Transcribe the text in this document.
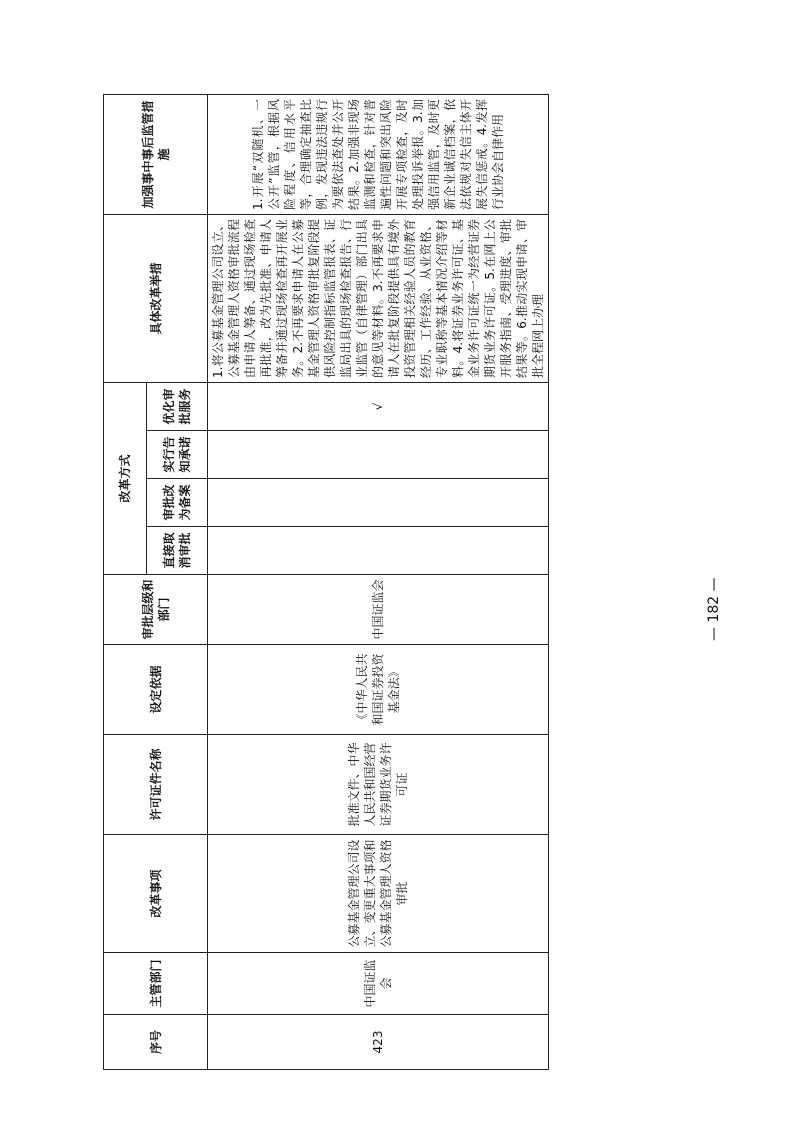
序号	主管部门	改革事项	许可证件名称	设定依据	审批层级和部门	改革方式				具体改革举措	加强事中事后监管措施
						直接取消审批	审批改为备案	实行告知承诺	优化审批服务		
423	中国证监会	公募基金管理公司设立、变更重大事项和公募基金管理人资格审批	批准文件、中华人民共和国经营证券期货业务许可证	《中华人民共和国证券投资基金法》	中国证监会				√	1.将公募基金管理公司设立、公募基金管理人资格审批流程由申请人筹备、通过现场检查再批准，改为先批准、申请人筹备并通过现场检查再开展业务。2.不再要求申请人在公募基金管理人资格审批复阶段提供风险控制指标监管报表、证监局出具的现场检查报告、行业监管（自律管理）部门出具的意见等材料。3.不再要求申请人在批复阶段提供具有境外投资管理相关经验人员的教育经历、工作经验、从业资格、专业职称等基本情况介绍等材料。4.将证券业务许可证、基金业务许可证统一为经营证券期货业务许可证。5.在网上公开服务指南、受理进度、审批结果等。6.推动实现申请、审批全程网上办理	1.开展“双随机、一公开”监管，根据风险程度、信用水平等，合理确定抽查比例，发现违法违规行为要依法查处并公开结果。2.加强非现场监测和检查，针对普遍性问题和突出风险开展专项检查，及时处理投诉举报。3.加强信用监管，及时更新企业诚信档案，依法依规对失信主体开展失信惩戒。4.发挥行业协会自律作用
— 182 —
